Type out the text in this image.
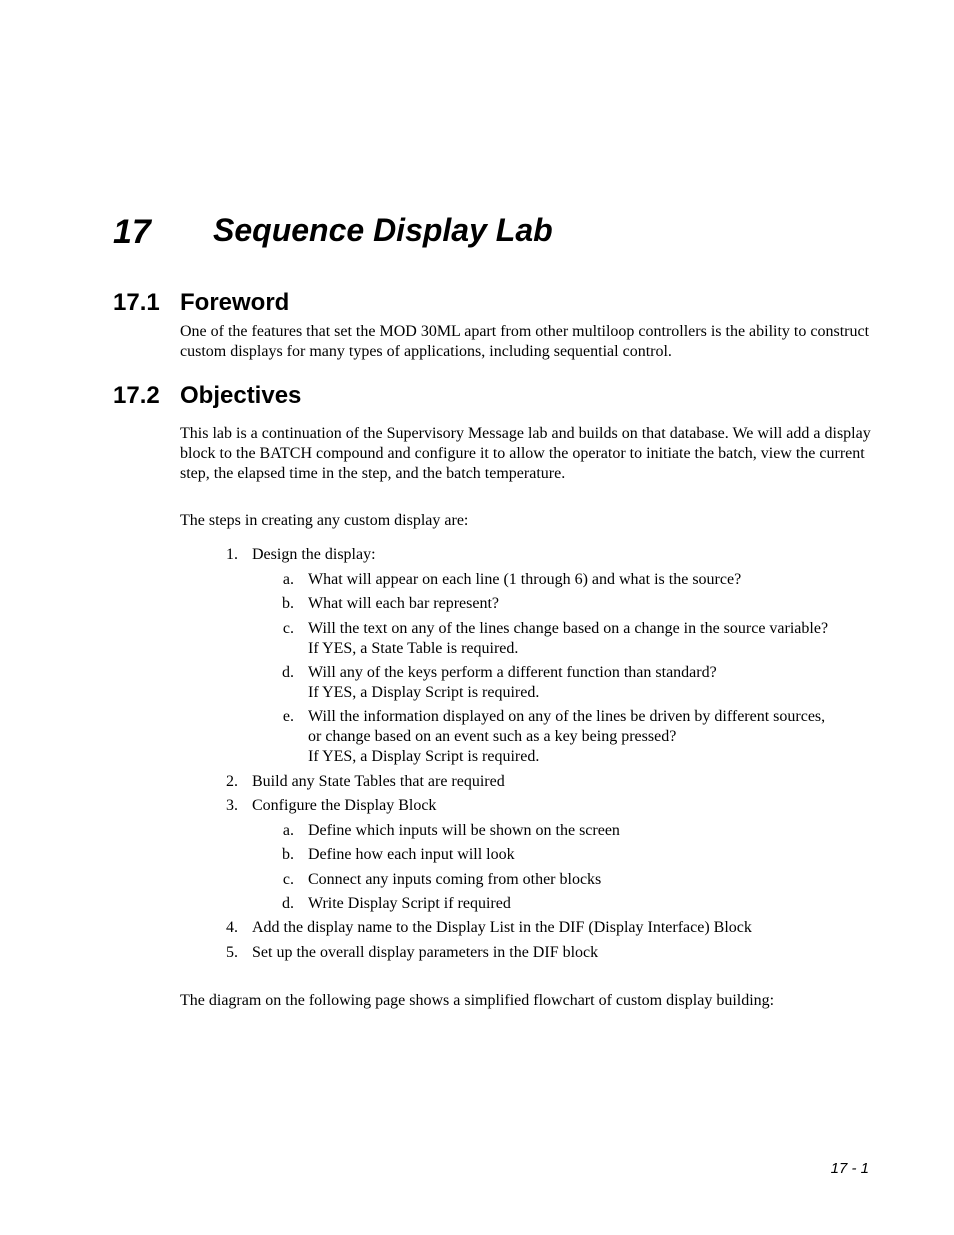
17 Sequence Display Lab
17.1 Foreword
One of the features that set the MOD 30ML apart from other multiloop controllers is the ability to construct custom displays for many types of applications, including sequential control.
17.2 Objectives
This lab is a continuation of the Supervisory Message lab and builds on that database. We will add a display block to the BATCH compound and configure it to allow the operator to initiate the batch, view the current step, the elapsed time in the step, and the batch temperature.
The steps in creating any custom display are:
1. Design the display:
a. What will appear on each line (1 through 6) and what is the source?
b. What will each bar represent?
c. Will the text on any of the lines change based on a change in the source variable?
If YES, a State Table is required.
d. Will any of the keys perform a different function than standard?
If YES, a Display Script is required.
e. Will the information displayed on any of the lines be driven by different sources,
or change based on an event such as a key being pressed?
If YES, a Display Script is required.
2. Build any State Tables that are required
3. Configure the Display Block
a. Define which inputs will be shown on the screen
b. Define how each input will look
c. Connect any inputs coming from other blocks
d. Write Display Script if required
4. Add the display name to the Display List in the DIF (Display Interface) Block
5. Set up the overall display parameters in the DIF block
The diagram on the following page shows a simplified flowchart of custom display building:
17 - 1
